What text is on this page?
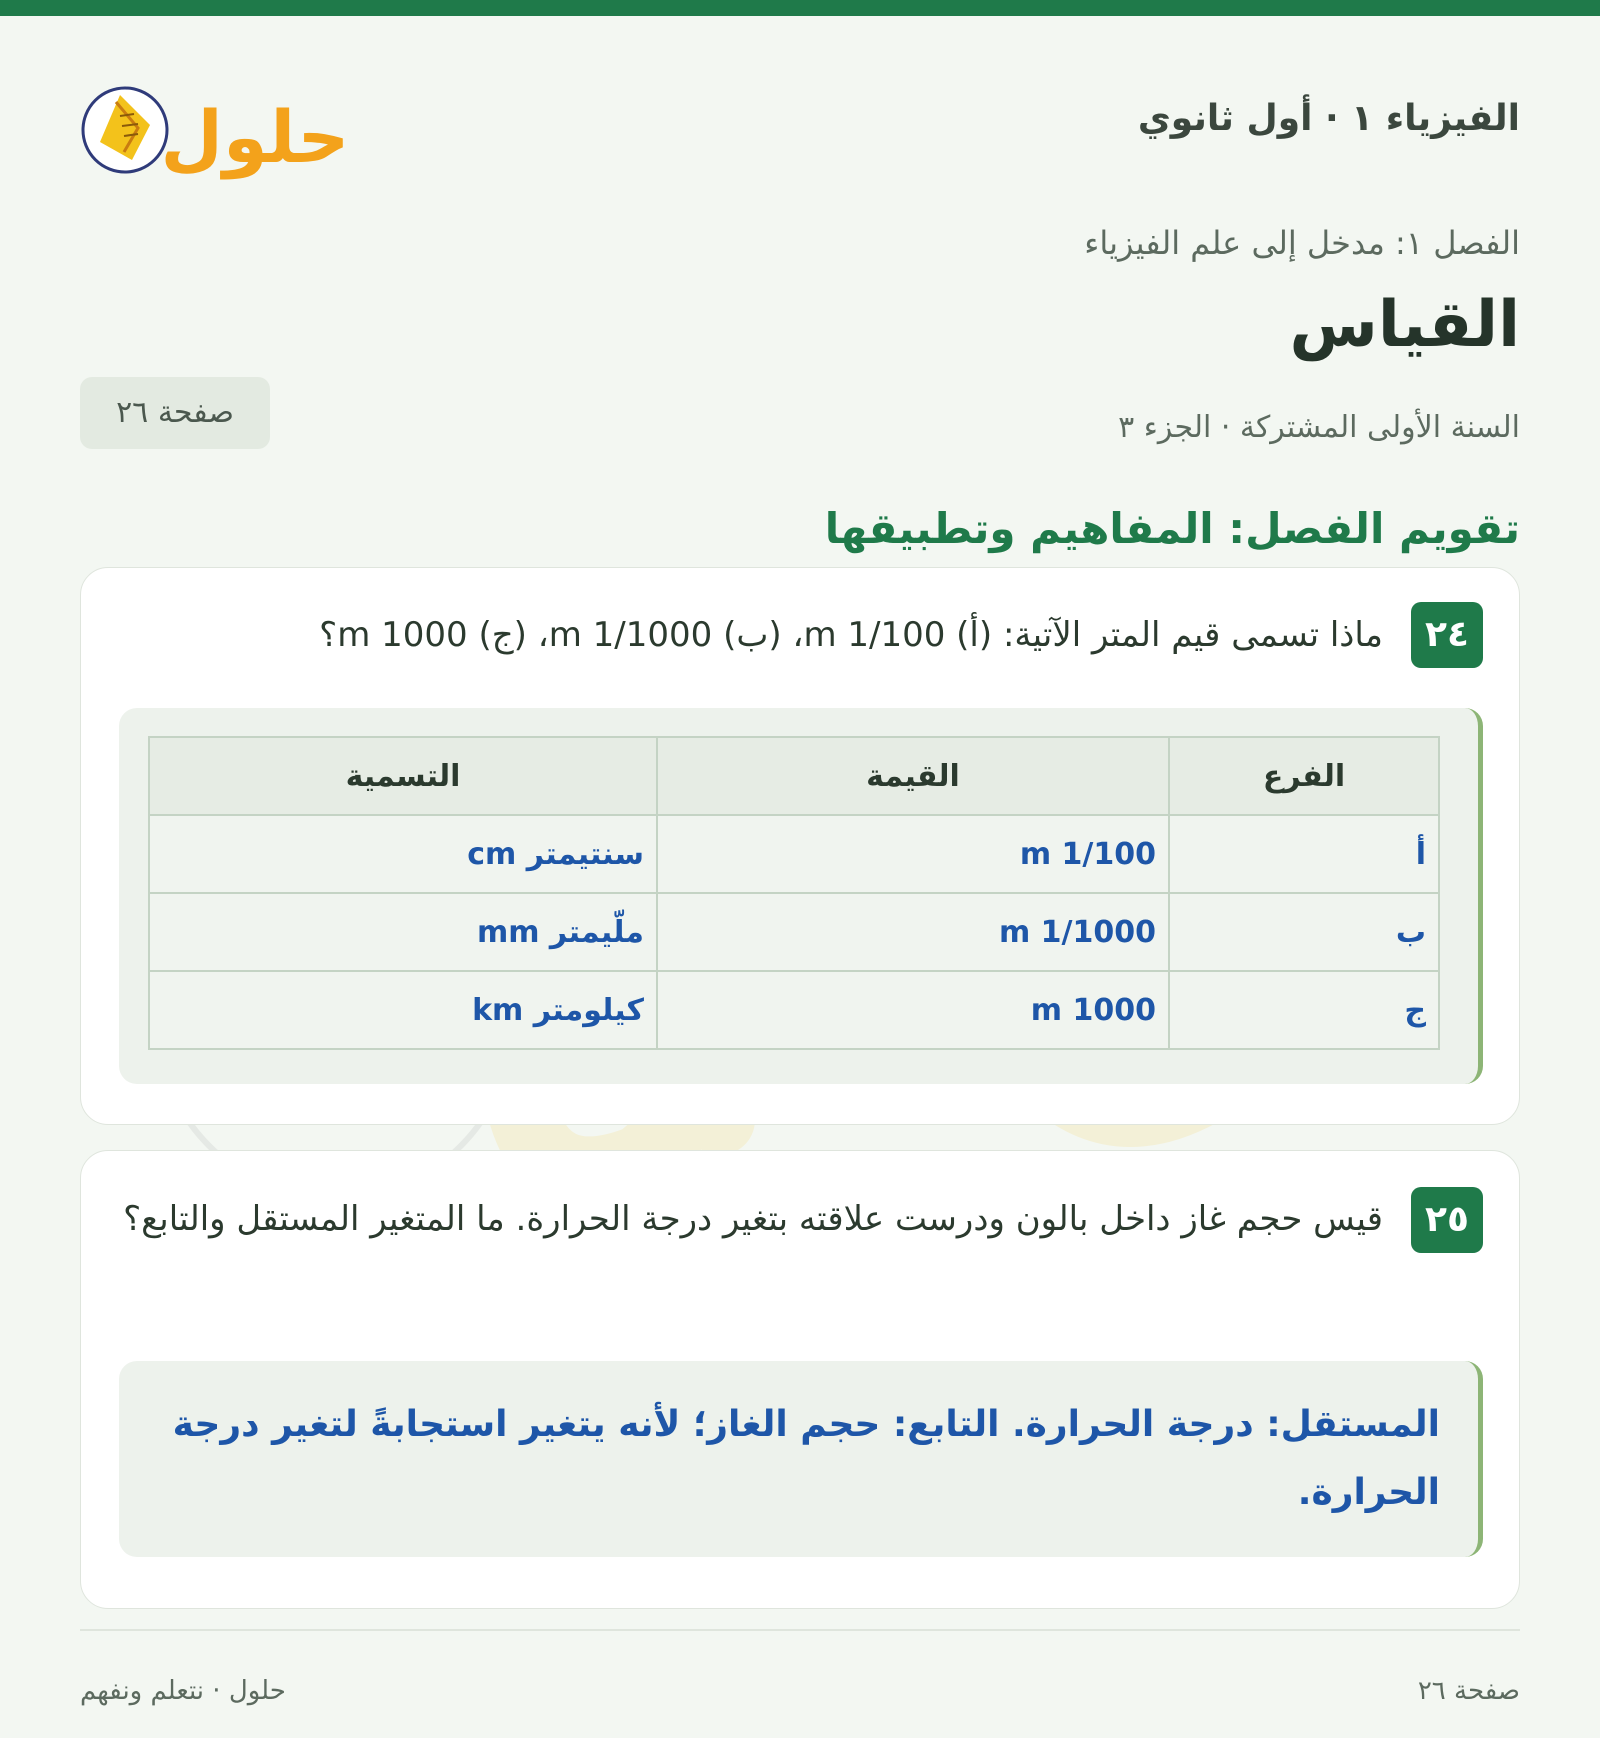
الفيزياء ١ · أول ثانوي
حلول
الفصل ١: مدخل إلى علم الفيزياء
القياس
السنة الأولى المشتركة · الجزء ٣
صفحة ٢٦
تقويم الفصل: المفاهيم وتطبيقها
٢٤
ماذا تسمى قيم المتر الآتية: (أ) 1/100 m، (ب) 1/1000 m، (ج) 1000 m؟
الفرع	القيمة	التسمية
أ	1/100 m	سنتيمتر cm
ب	1/1000 m	ملّيمتر mm
ج	1000 m	كيلومتر km
٢٥
قيس حجم غاز داخل بالون ودرست علاقته بتغير درجة الحرارة. ما المتغير المستقل والتابع؟
المستقل: درجة الحرارة. التابع: حجم الغاز؛ لأنه يتغير استجابةً لتغير درجة الحرارة.
صفحة ٢٦
حلول · نتعلم ونفهم
